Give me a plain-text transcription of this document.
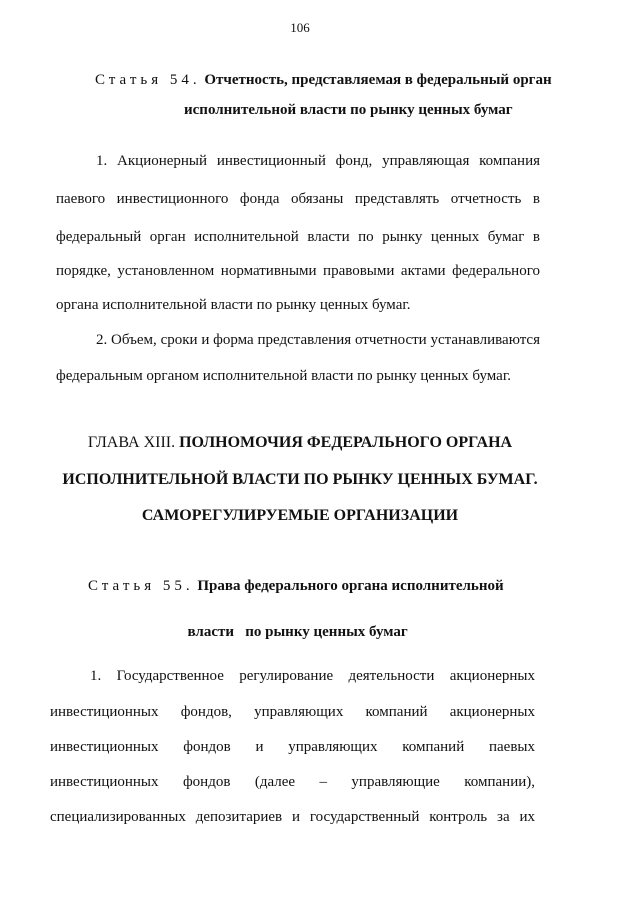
106
Статья 54. Отчетность, представляемая в федеральный орган
исполнительной власти по рынку ценных бумаг
1. Акционерный инвестиционный фонд, управляющая компания
паевого инвестиционного фонда обязаны представлять отчетность в
федеральный орган исполнительной власти по рынку ценных бумаг в
порядке, установленном нормативными правовыми актами федерального
органа исполнительной власти по рынку ценных бумаг.
2. Объем, сроки и форма представления отчетности устанавливаются
федеральным органом исполнительной власти по рынку ценных бумаг.
ГЛАВА XIII. ПОЛНОМОЧИЯ ФЕДЕРАЛЬНОГО ОРГАНА
ИСПОЛНИТЕЛЬНОЙ ВЛАСТИ ПО РЫНКУ ЦЕННЫХ БУМАГ.
САМОРЕГУЛИРУЕМЫЕ ОРГАНИЗАЦИИ
Статья 55. Права федерального органа исполнительной

власти   по рынку ценных бумаг

1. Государственное регулирование деятельности акционерных
инвестиционных фондов, управляющих компаний акционерных
инвестиционных фондов и управляющих компаний паевых
инвестиционных фондов (далее – управляющие компании),
специализированных депозитариев и государственный контроль за их
